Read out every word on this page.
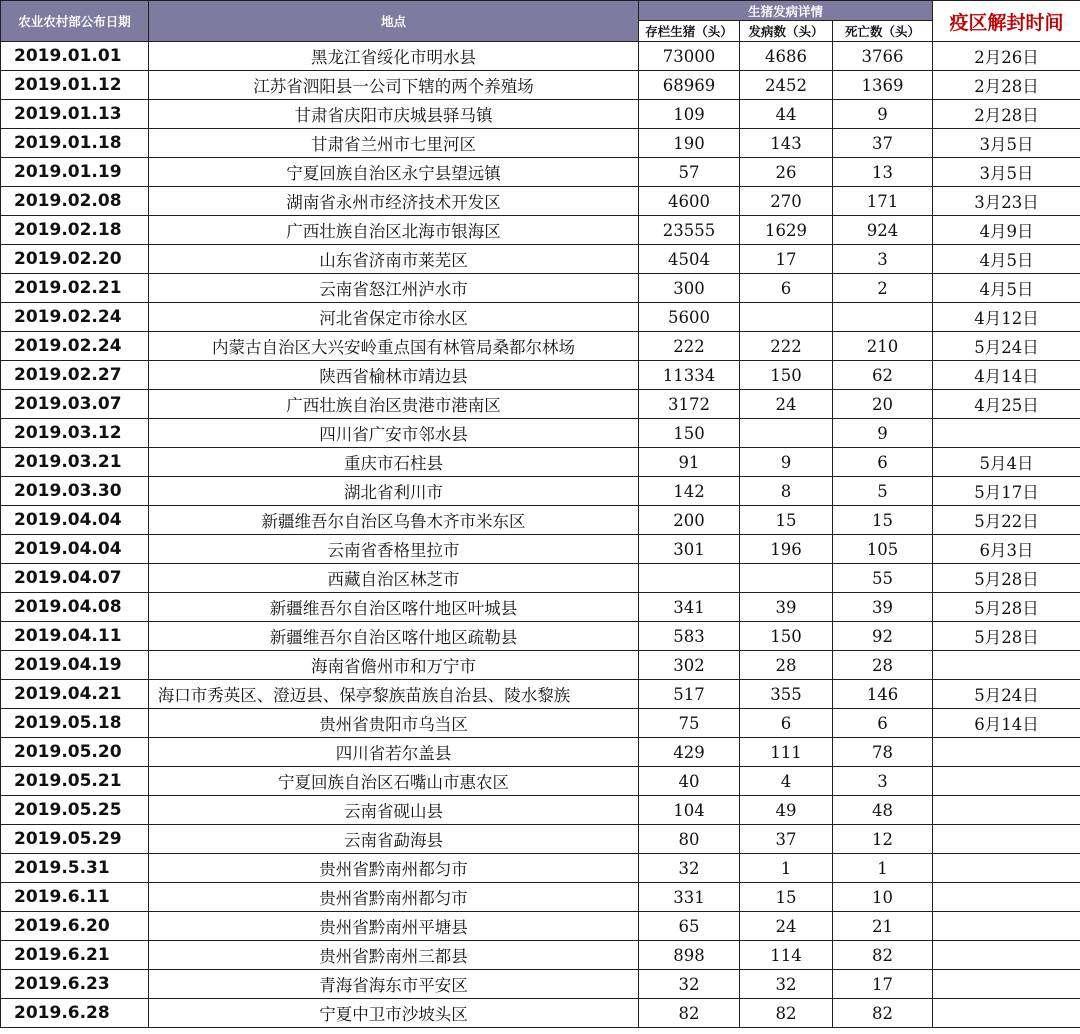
农业农村部公布日期	地点	生猪发病详情			疫区解封时间
		存栏生猪（头）	发病数（头）	死亡数（头）	
2019.01.01	黑龙江省绥化市明水县	73000	4686	3766	2月26日
2019.01.12	江苏省泗阳县一公司下辖的两个养殖场	68969	2452	1369	2月28日
2019.01.13	甘肃省庆阳市庆城县驿马镇	109	44	9	2月28日
2019.01.18	甘肃省兰州市七里河区	190	143	37	3月5日
2019.01.19	宁夏回族自治区永宁县望远镇	57	26	13	3月5日
2019.02.08	湖南省永州市经济技术开发区	4600	270	171	3月23日
2019.02.18	广西壮族自治区北海市银海区	23555	1629	924	4月9日
2019.02.20	山东省济南市莱芜区	4504	17	3	4月5日
2019.02.21	云南省怒江州泸水市	300	6	2	4月5日
2019.02.24	河北省保定市徐水区	5600			4月12日
2019.02.24	内蒙古自治区大兴安岭重点国有林管局桑都尔林场	222	222	210	5月24日
2019.02.27	陕西省榆林市靖边县	11334	150	62	4月14日
2019.03.07	广西壮族自治区贵港市港南区	3172	24	20	4月25日
2019.03.12	四川省广安市邻水县	150		9	
2019.03.21	重庆市石柱县	91	9	6	5月4日
2019.03.30	湖北省利川市	142	8	5	5月17日
2019.04.04	新疆维吾尔自治区乌鲁木齐市米东区	200	15	15	5月22日
2019.04.04	云南省香格里拉市	301	196	105	6月3日
2019.04.07	西藏自治区林芝市			55	5月28日
2019.04.08	新疆维吾尔自治区喀什地区叶城县	341	39	39	5月28日
2019.04.11	新疆维吾尔自治区喀什地区疏勒县	583	150	92	5月28日
2019.04.19	海南省儋州市和万宁市	302	28	28	
2019.04.21	海口市秀英区、澄迈县、保亭黎族苗族自治县、陵水黎族	517	355	146	5月24日
2019.05.18	贵州省贵阳市乌当区	75	6	6	6月14日
2019.05.20	四川省若尔盖县	429	111	78	
2019.05.21	宁夏回族自治区石嘴山市惠农区	40	4	3	
2019.05.25	云南省砚山县	104	49	48	
2019.05.29	云南省勐海县	80	37	12	
2019.5.31	贵州省黔南州都匀市	32	1	1	
2019.6.11	贵州省黔南州都匀市	331	15	10	
2019.6.20	贵州省黔南州平塘县	65	24	21	
2019.6.21	贵州省黔南州三都县	898	114	82	
2019.6.23	青海省海东市平安区	32	32	17	
2019.6.28	宁夏中卫市沙坡头区	82	82	82	
